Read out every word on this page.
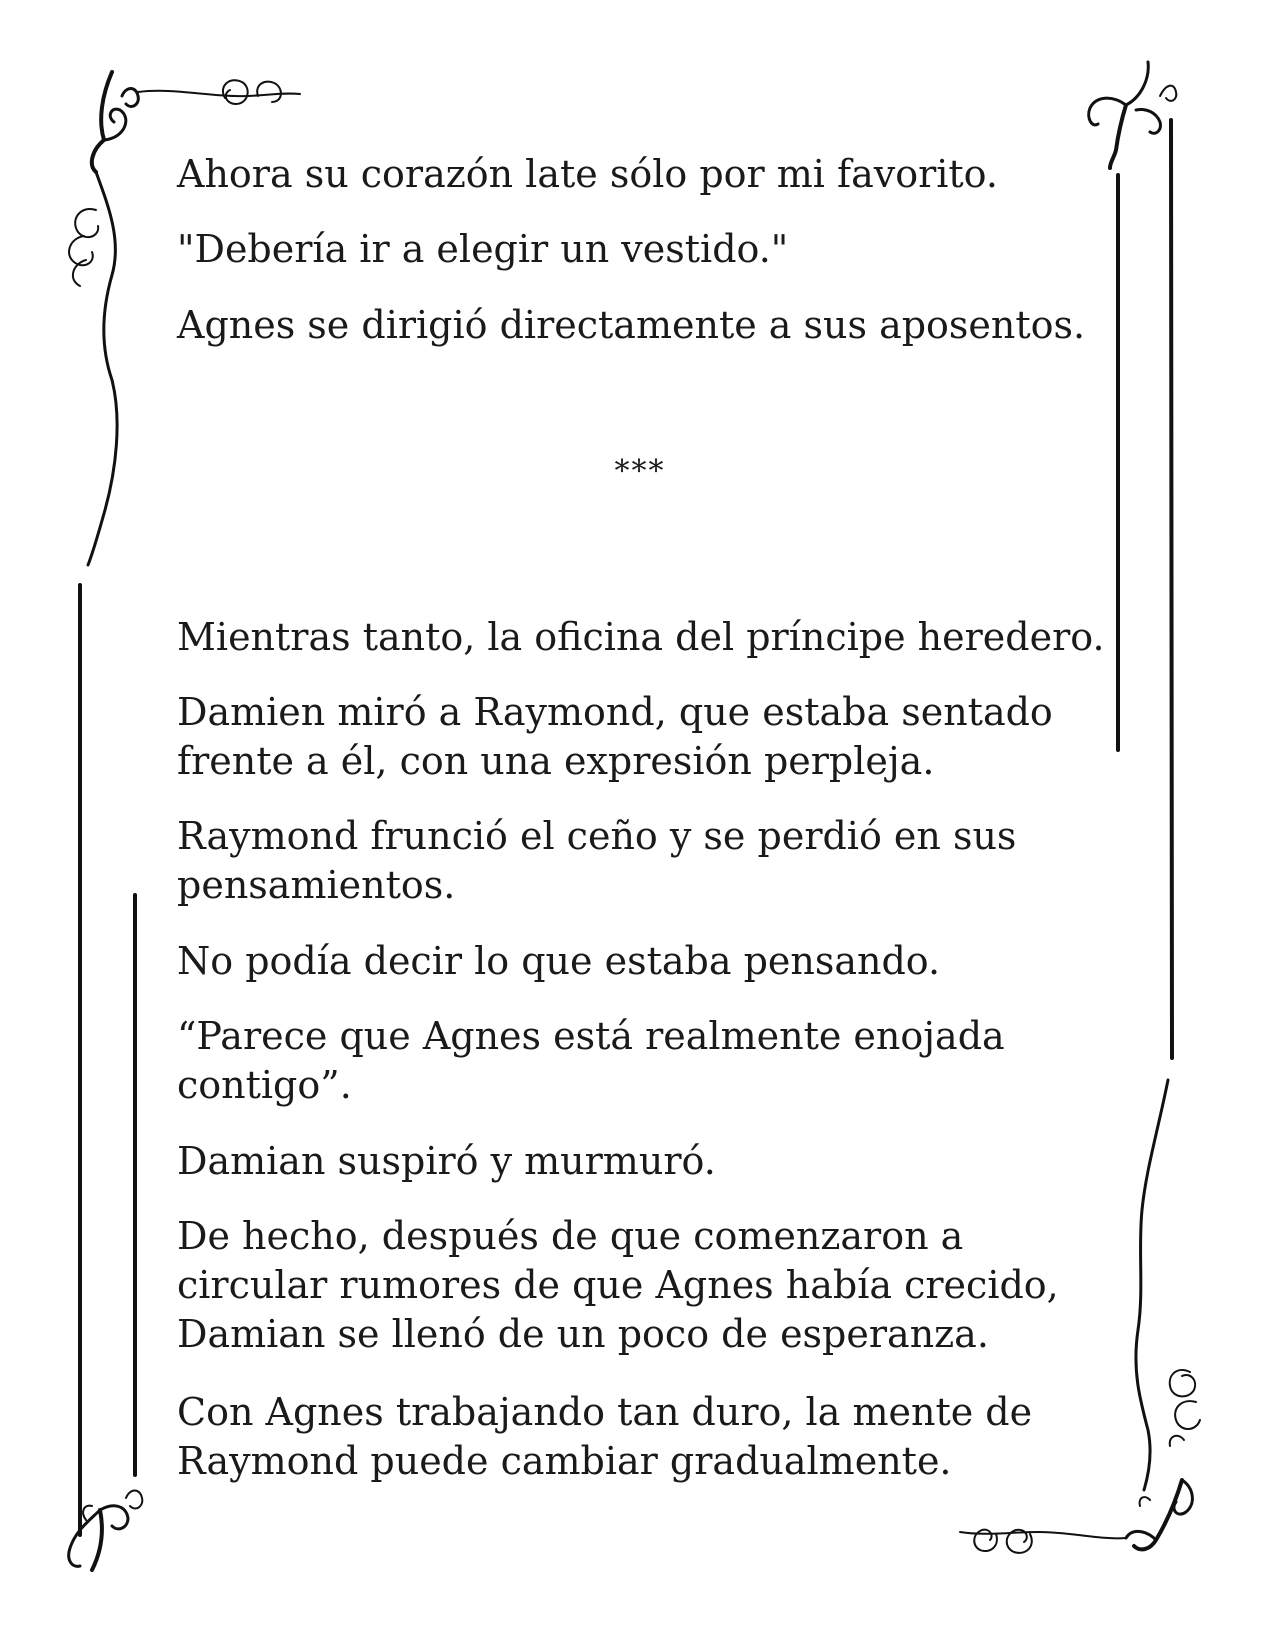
Ahora su corazón late sólo por mi favorito.

"Debería ir a elegir un vestido."

Agnes se dirigió directamente a sus aposentos.

***

Mientras tanto, la oficina del príncipe heredero.

Damien miró a Raymond, que estaba sentado
frente a él, con una expresión perpleja.

Raymond frunció el ceño y se perdió en sus
pensamientos.

No podía decir lo que estaba pensando.

“Parece que Agnes está realmente enojada
contigo”.

Damian suspiró y murmuró.

De hecho, después de que comenzaron a
circular rumores de que Agnes había crecido,
Damian se llenó de un poco de esperanza.

Con Agnes trabajando tan duro, la mente de
Raymond puede cambiar gradualmente.
